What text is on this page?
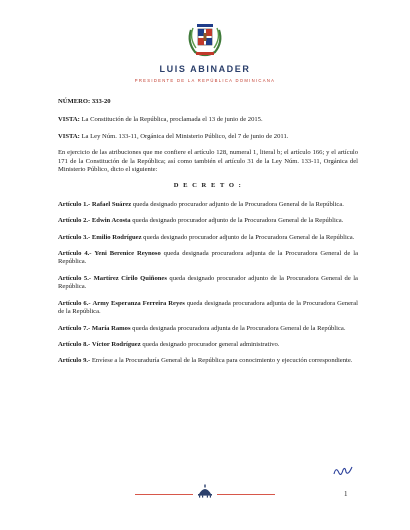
LUIS ABINADER
PRESIDENTE DE LA REPÚBLICA DOMINICANA

NÚMERO: 333-20

VISTA: La Constitución de la República, proclamada el 13 de junio de 2015.

VISTA: La Ley Núm. 133-11, Orgánica del Ministerio Público, del 7 de junio de 2011.

En ejercicio de las atribuciones que me confiere el artículo 128, numeral 1, literal b; el artículo 166; y el artículo 171 de la Constitución de la República; así como también el artículo 31 de la Ley Núm. 133-11, Orgánica del Ministerio Público, dicto el siguiente:

D E C R E T O :

Artículo 1.- Rafael Suárez queda designado procurador adjunto de la Procuradora General de la República.

Artículo 2.- Edwin Acosta queda designado procurador adjunto de la Procuradora General de la República.

Artículo 3.- Emilio Rodríguez queda designado procurador adjunto de la Procuradora General de la República.

Artículo 4.- Yeni Berenice Reynoso queda designada procuradora adjunta de la Procuradora General de la República.

Artículo 5.- Martírez Cirilo Quiñones queda designado procurador adjunto de la Procuradora General de la República.

Artículo 6.- Army Esperanza Ferreira Reyes queda designada procuradora adjunta de la Procuradora General de la República.

Artículo 7.- María Ramos queda designada procuradora adjunta de la Procuradora General de la República.

Artículo 8.- Víctor Rodríguez queda designado procurador general administrativo.

Artículo 9.- Envíese a la Procuraduría General de la República para conocimiento y ejecución correspondiente.

1
